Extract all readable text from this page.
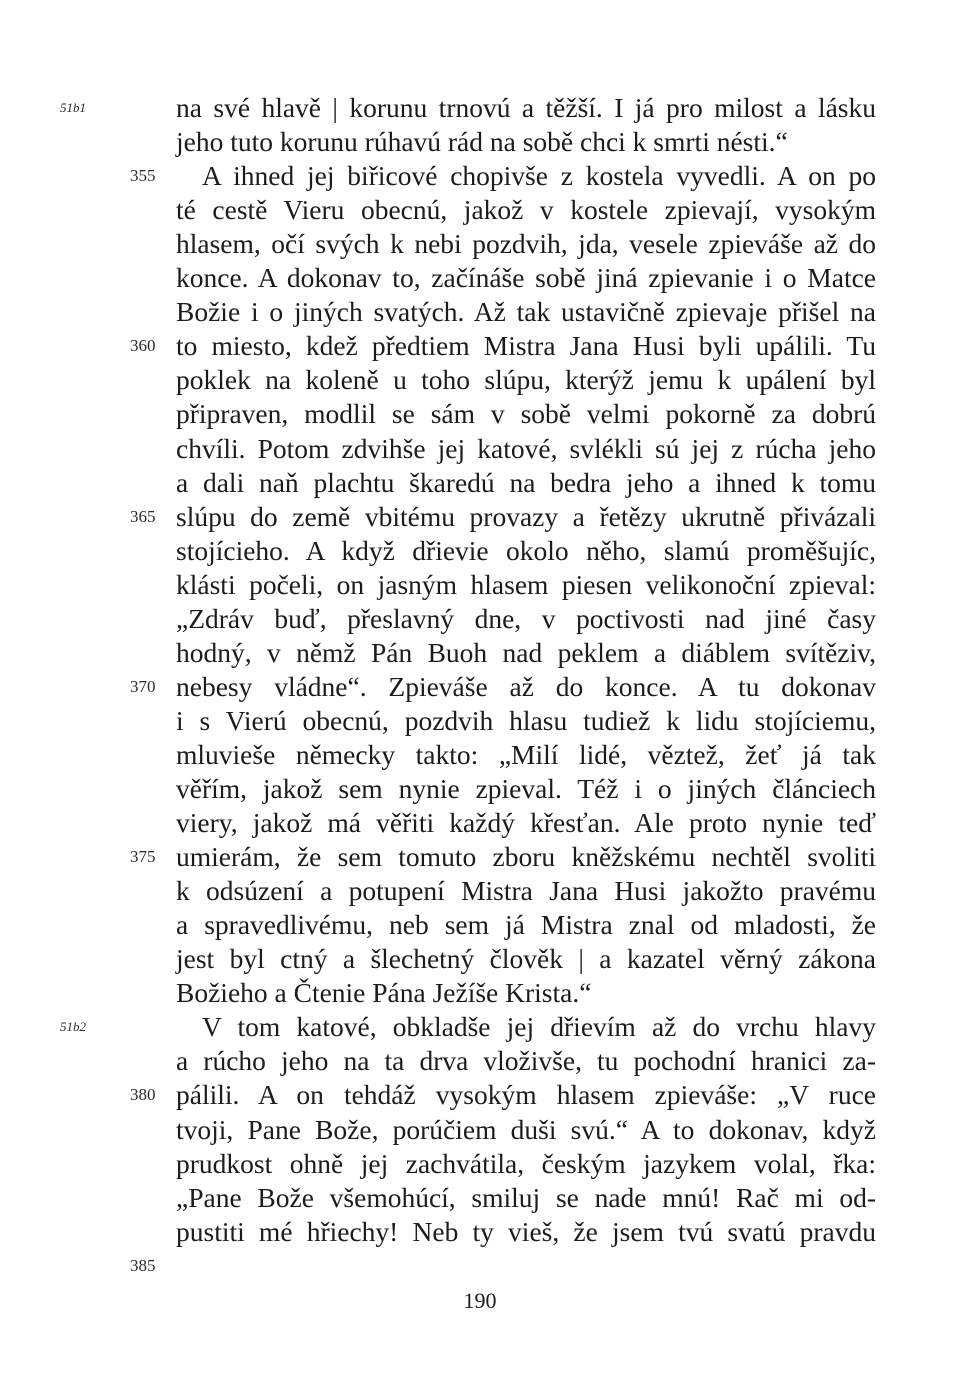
na své hlavě | korunu trnovú a těžší. I já pro milost a lásku
jeho tuto korunu rúhavú rád na sobě chci k smrti nésti.“
A ihned jej biřicové chopivše z kostela vyvedli. A on po
té cestě Vieru obecnú, jakož v kostele zpievají, vysokým
hlasem, očí svých k nebi pozdvih, jda, vesele zpieváše až do
konce. A dokonav to, začínáše sobě jiná zpievanie i o Matce
Božie i o jiných svatých. Až tak ustavičně zpievaje přišel na
to miesto, kdež předtiem Mistra Jana Husi byli upálili. Tu
poklek na koleně u toho slúpu, kterýž jemu k upálení byl
připraven, modlil se sám v sobě velmi pokorně za dobrú
chvíli. Potom zdvihše jej katové, svlékli sú jej z rúcha jeho
a dali naň plachtu škaredú na bedra jeho a ihned k tomu
slúpu do země vbitému provazy a řetězy ukrutně přivázali
stojícieho. A když dřievie okolo něho, slamú proměšujíc,
klásti počeli, on jasným hlasem piesen velikonoční zpieval:
„Zdráv buď, přeslavný dne, v poctivosti nad jiné časy
hodný, v němž Pán Buoh nad peklem a diáblem svítěziv,
nebesy vládne“. Zpieváše až do konce. A tu dokonav
i s Vierú obecnú, pozdvih hlasu tudiež k lidu stojíciemu,
mluvieše německy takto: „Milí lidé, věztež, žeť já tak
věřím, jakož sem nynie zpieval. Též i o jiných článciech
viery, jakož má věřiti každý křesťan. Ale proto nynie teď
umierám, že sem tomuto zboru kněžskému nechtěl svoliti
k odsúzení a potupení Mistra Jana Husi jakožto pravému
a spravedlivému, neb sem já Mistra znal od mladosti, že
jest byl ctný a šlechetný člověk | a kazatel věrný zákona
Božieho a Čtenie Pána Ježíše Krista.“
V tom katové, obkladše jej dřievím až do vrchu hlavy
a rúcho jeho na ta drva vloživše, tu pochodní hranici za-
pálili. A on tehdáž vysokým hlasem zpieváše: „V ruce
tvoji, Pane Bože, porúčiem duši svú.“ A to dokonav, když
prudkost ohně jej zachvátila, českým jazykem volal, řka:
„Pane Bože všemohúcí, smiluj se nade mnú! Rač mi od-
pustiti mé hřiechy! Neb ty vieš, že jsem tvú svatú pravdu
355
360
365
370
375
380
385
51b1
51b2
190
